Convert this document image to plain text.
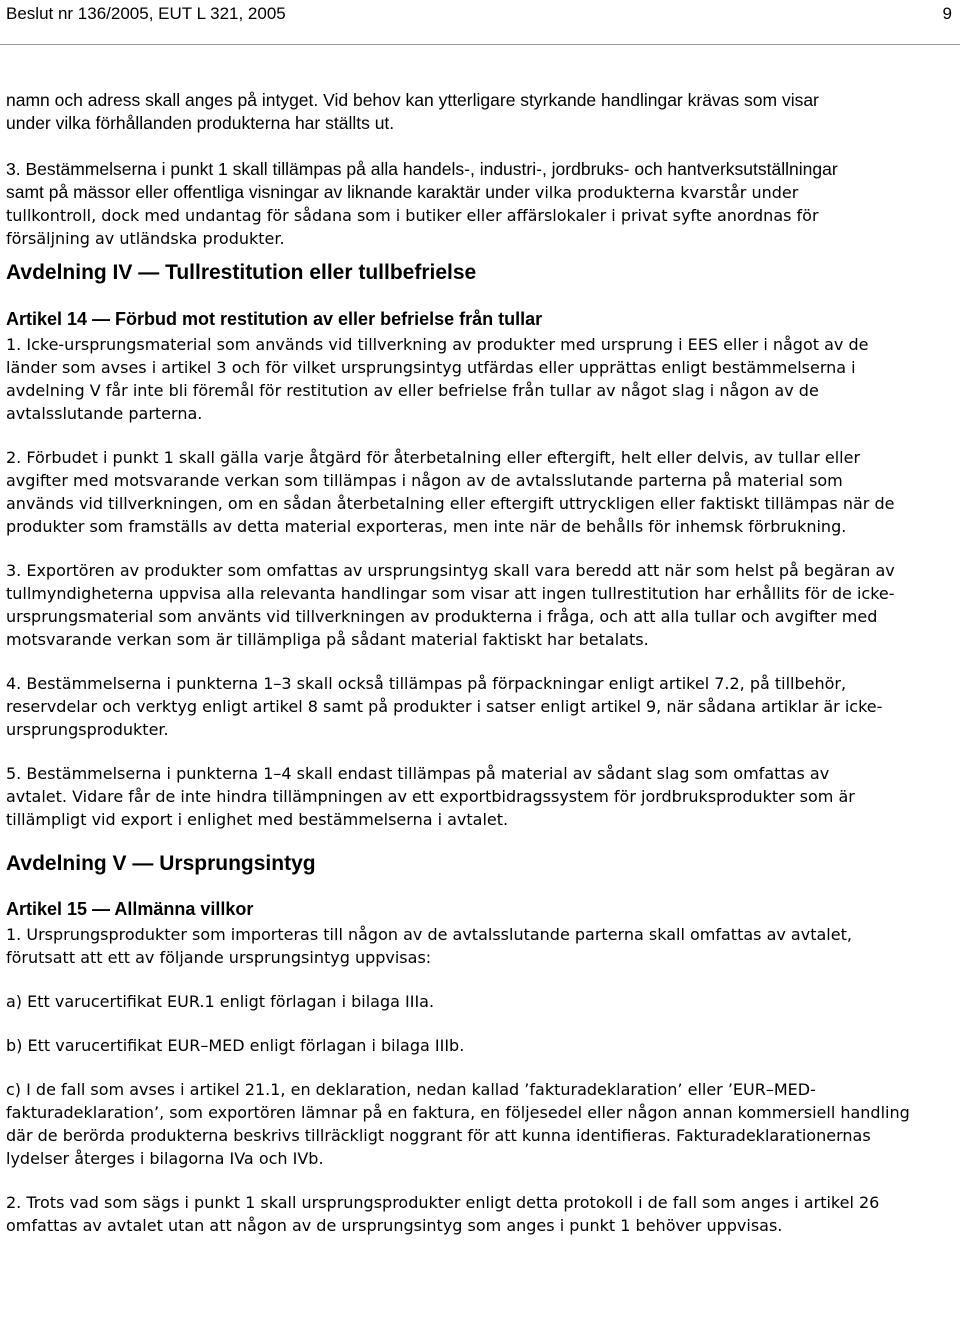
Beslut nr 136/2005, EUT L 321, 2005	9

namn och adress skall anges på intyget. Vid behov kan ytterligare styrkande handlingar krävas som visar under vilka förhållanden produkterna har ställts ut.

3. Bestämmelserna i punkt 1 skall tillämpas på alla handels-, industri-, jordbruks- och hantverksutställningar samt på mässor eller offentliga visningar av liknande karaktär under vilka produkterna kvarstår under tullkontroll, dock med undantag för sådana som i butiker eller affärslokaler i privat syfte anordnas för försäljning av utländska produkter.

Avdelning IV — Tullrestitution eller tullbefrielse
Artikel 14 — Förbud mot restitution av eller befrielse från tullar

1. Icke-ursprungsmaterial som används vid tillverkning av produkter med ursprung i EES eller i något av de länder som avses i artikel 3 och för vilket ursprungsintyg utfärdas eller upprättas enligt bestämmelserna i avdelning V får inte bli föremål för restitution av eller befrielse från tullar av något slag i någon av de avtalsslutande parterna.

2. Förbudet i punkt 1 skall gälla varje åtgärd för återbetalning eller eftergift, helt eller delvis, av tullar eller avgifter med motsvarande verkan som tillämpas i någon av de avtalsslutande parterna på material som används vid tillverkningen, om en sådan återbetalning eller eftergift uttryckligen eller faktiskt tillämpas när de produkter som framställs av detta material exporteras, men inte när de behålls för inhemsk förbrukning.

3. Exportören av produkter som omfattas av ursprungsintyg skall vara beredd att när som helst på begäran av tullmyndigheterna uppvisa alla relevanta handlingar som visar att ingen tullrestitution har erhållits för de icke-ursprungsmaterial som använts vid tillverkningen av produkterna i fråga, och att alla tullar och avgifter med motsvarande verkan som är tillämpliga på sådant material faktiskt har betalats.

4. Bestämmelserna i punkterna 1–3 skall också tillämpas på förpackningar enligt artikel 7.2, på tillbehör, reservdelar och verktyg enligt artikel 8 samt på produkter i satser enligt artikel 9, när sådana artiklar är icke-ursprungsprodukter.

5. Bestämmelserna i punkterna 1–4 skall endast tillämpas på material av sådant slag som omfattas av avtalet. Vidare får de inte hindra tillämpningen av ett exportbidragssystem för jordbruksprodukter som är tillämpligt vid export i enlighet med bestämmelserna i avtalet.

Avdelning V — Ursprungsintyg
Artikel 15 — Allmänna villkor

1. Ursprungsprodukter som importeras till någon av de avtalsslutande parterna skall omfattas av avtalet, förutsatt att ett av följande ursprungsintyg uppvisas:

a) Ett varucertifikat EUR.1 enligt förlagan i bilaga IIIa.

b) Ett varucertifikat EUR–MED enligt förlagan i bilaga IIIb.

c) I de fall som avses i artikel 21.1, en deklaration, nedan kallad ’fakturadeklaration’ eller ’EUR–MED-fakturadeklaration’, som exportören lämnar på en faktura, en följesedel eller någon annan kommersiell handling där de berörda produkterna beskrivs tillräckligt noggrant för att kunna identifieras. Fakturadeklarationernas lydelser återges i bilagorna IVa och IVb.

2. Trots vad som sägs i punkt 1 skall ursprungsprodukter enligt detta protokoll i de fall som anges i artikel 26 omfattas av avtalet utan att någon av de ursprungsintyg som anges i punkt 1 behöver uppvisas.
